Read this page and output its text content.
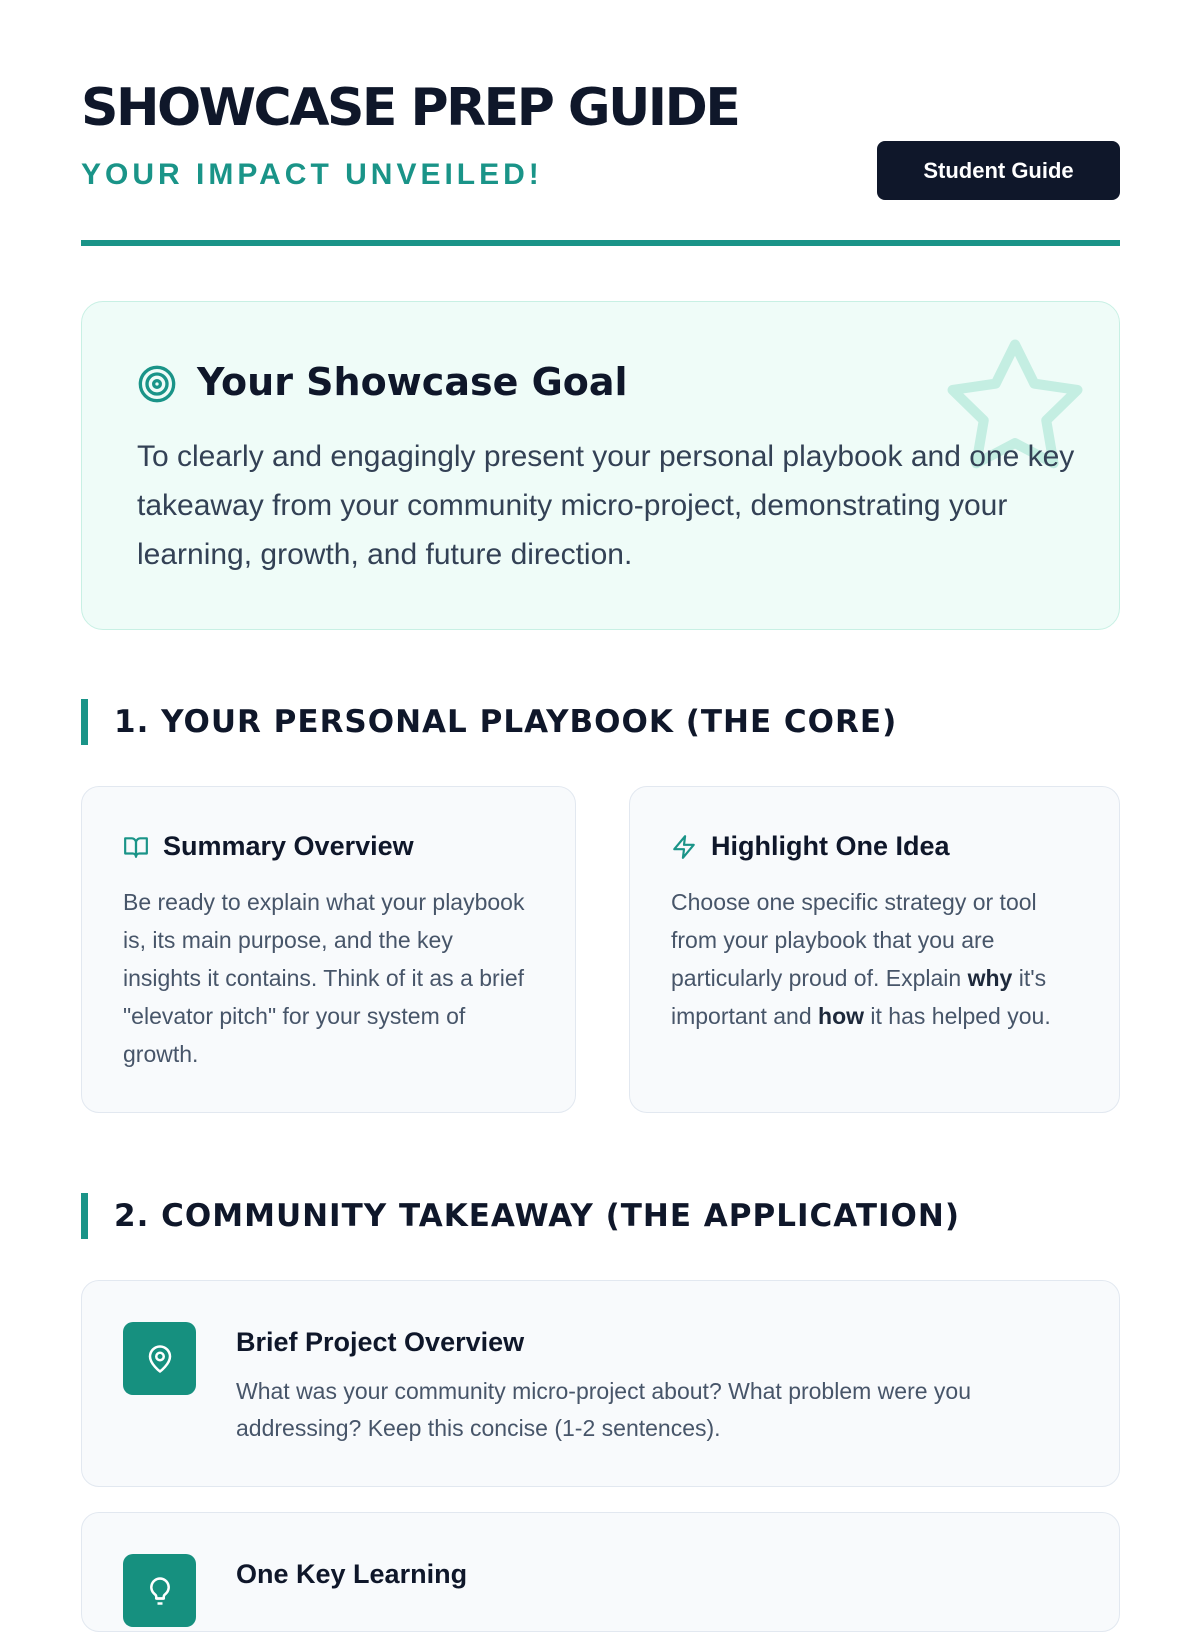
SHOWCASE PREP GUIDE
YOUR IMPACT UNVEILED!	Student Guide
Your Showcase Goal

To clearly and engagingly present your personal playbook and one key takeaway from your community micro-project, demonstrating your learning, growth, and future direction.

1. YOUR PERSONAL PLAYBOOK (THE CORE)
Summary Overview

Be ready to explain what your playbook is, its main purpose, and the key insights it contains. Think of it as a brief "elevator pitch" for your system of growth.

Highlight One Idea

Choose one specific strategy or tool from your playbook that you are particularly proud of. Explain why it's important and how it has helped you.

2. COMMUNITY TAKEAWAY (THE APPLICATION)
Brief Project Overview

What was your community micro-project about? What problem were you addressing? Keep this concise (1-2 sentences).

One Key Learning
